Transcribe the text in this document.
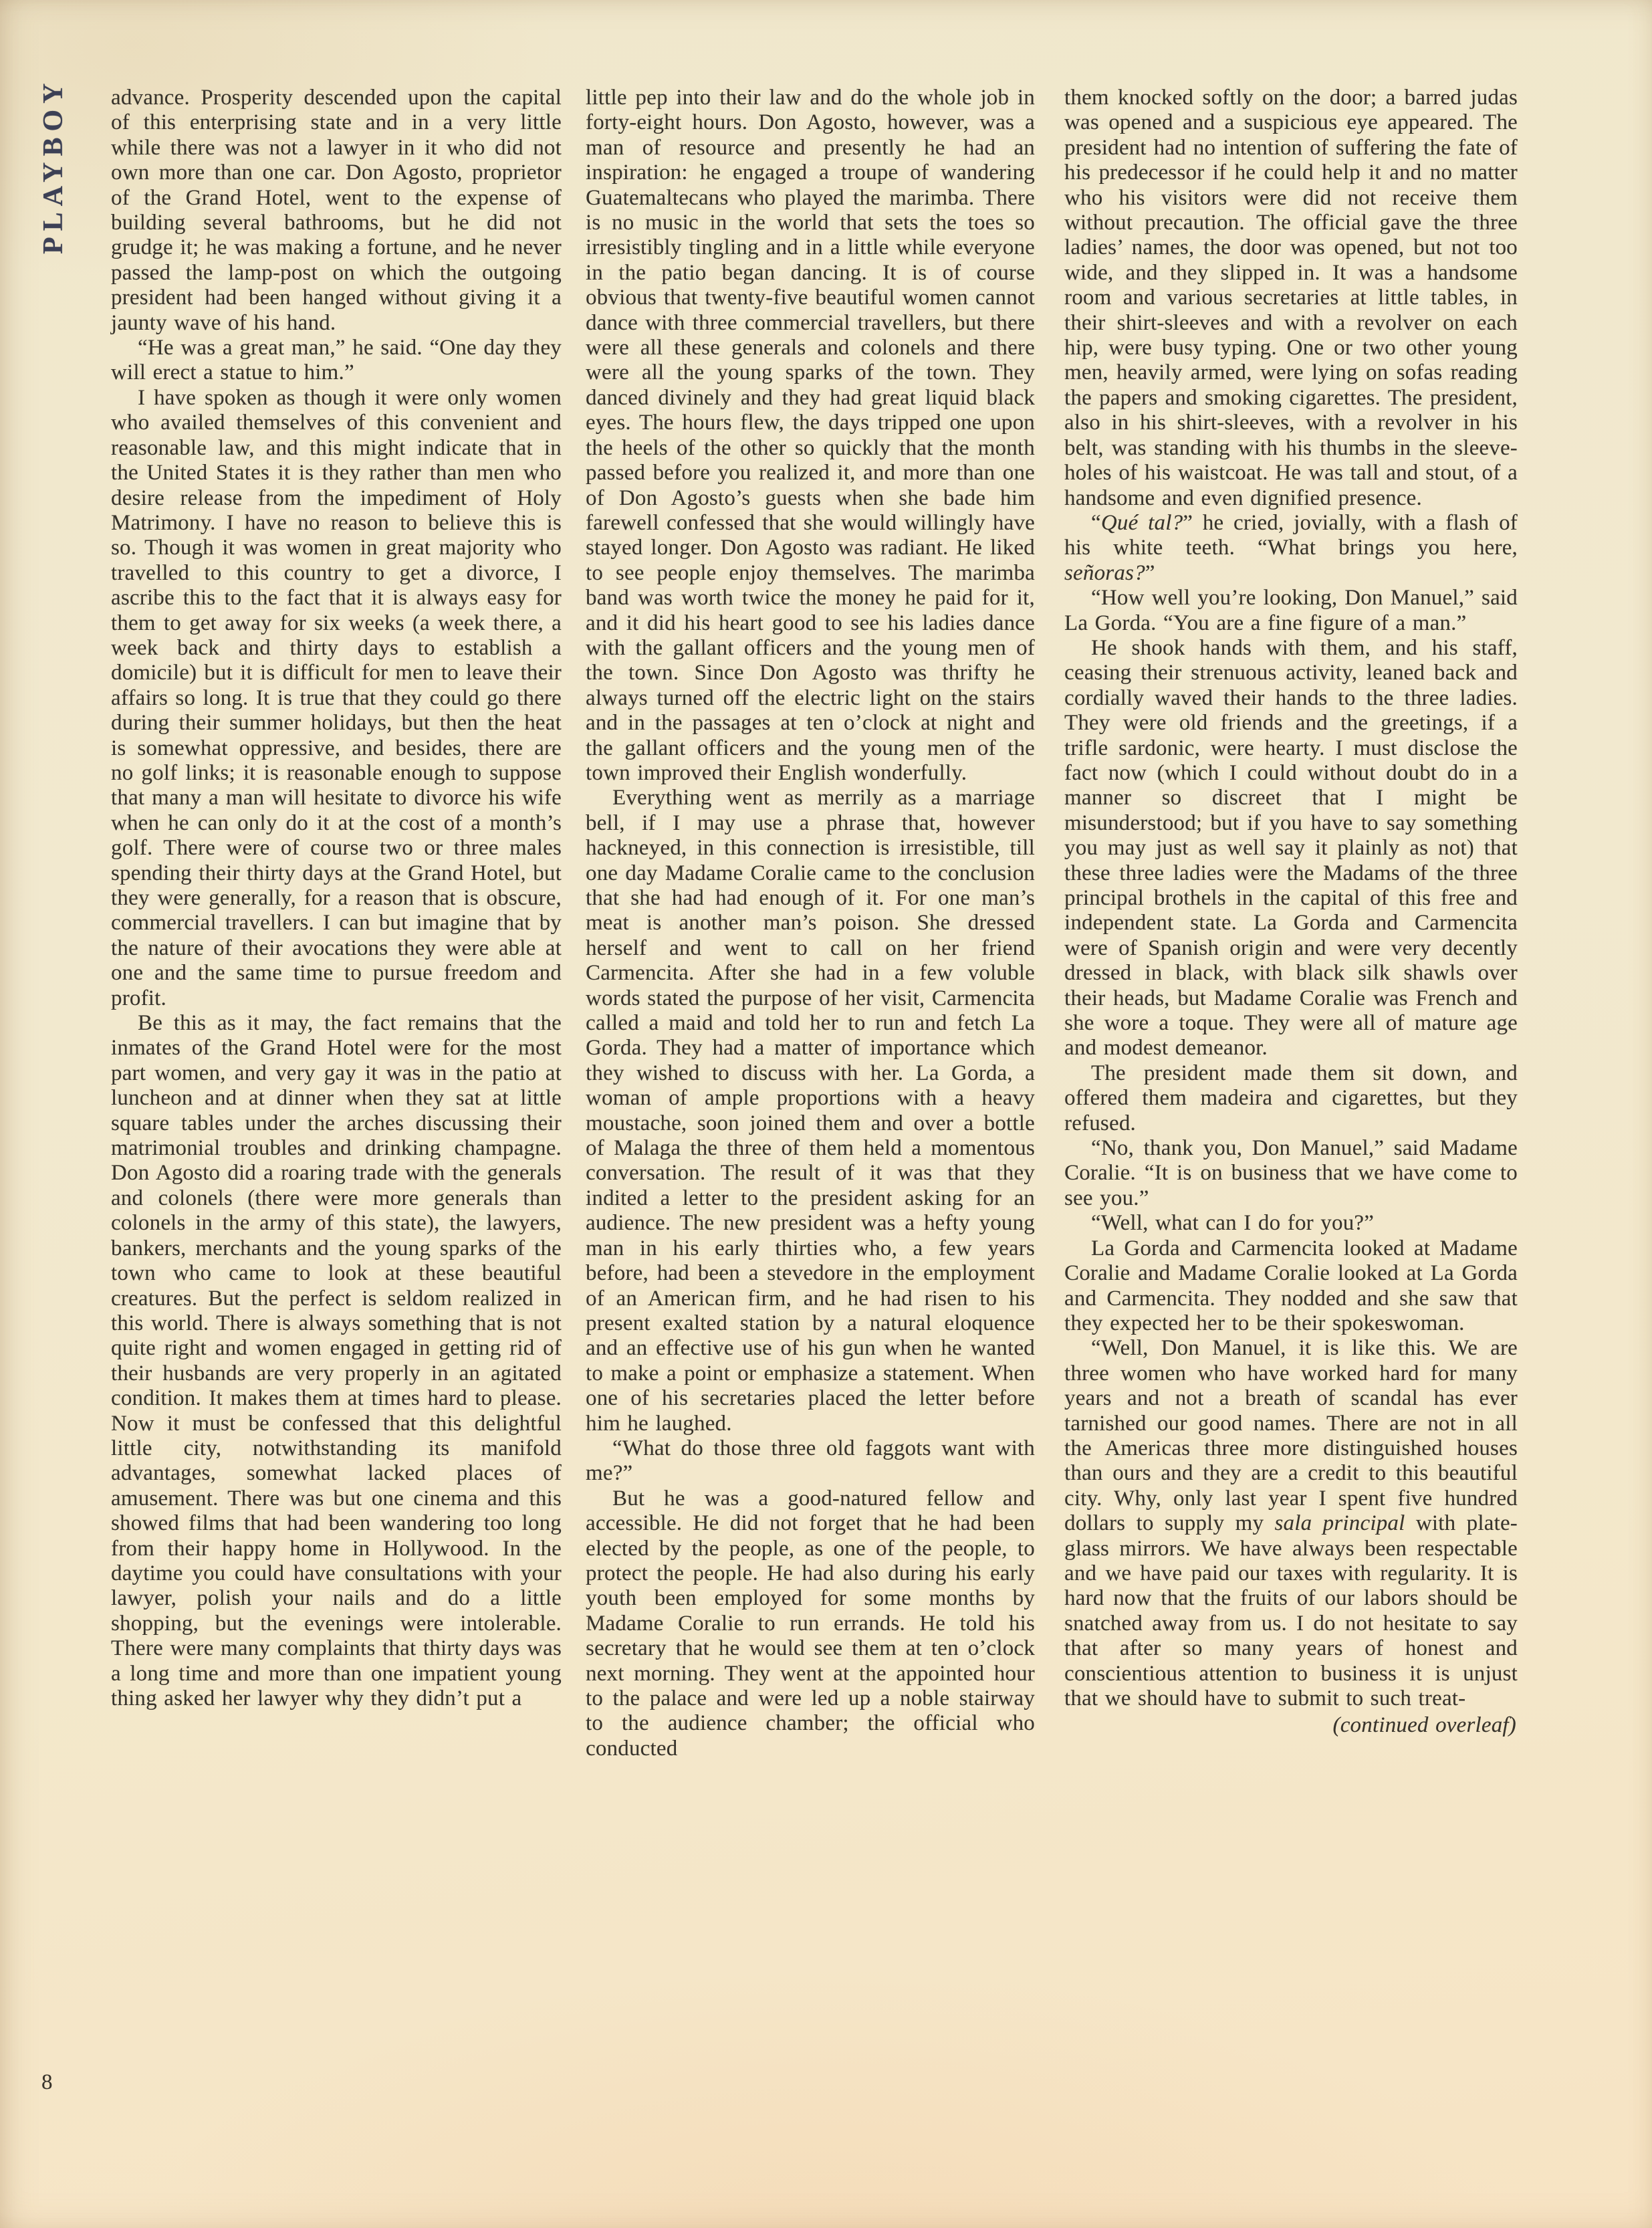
PLAYBOY advance. Prosperity descended upon the capital of this enterprising state and in a very little while there was not a lawyer in it who did not own more than one car. Don Agosto, proprietor of the Grand Hotel, went to the expense of building several bathrooms, but he did not grudge it; he was making a fortune, and he never passed the lamp-post on which the outgoing president had been hanged without giving it a jaunty wave of his hand.

“He was a great man,” he said. “One day they will erect a statue to him.”

I have spoken as though it were only women who availed themselves of this convenient and reasonable law, and this might indicate that in the United States it is they rather than men who desire release from the impediment of Holy Matrimony. I have no reason to believe this is so. Though it was women in great majority who travelled to this country to get a divorce, I ascribe this to the fact that it is always easy for them to get away for six weeks (a week there, a week back and thirty days to establish a domicile) but it is difficult for men to leave their affairs so long. It is true that they could go there during their summer holidays, but then the heat is somewhat oppressive, and besides, there are no golf links; it is reasonable enough to suppose that many a man will hesitate to divorce his wife when he can only do it at the cost of a month’s golf. There were of course two or three males spending their thirty days at the Grand Hotel, but they were generally, for a reason that is obscure, commercial travellers. I can but imagine that by the nature of their avocations they were able at one and the same time to pursue freedom and profit.

Be this as it may, the fact remains that the inmates of the Grand Hotel were for the most part women, and very gay it was in the patio at luncheon and at dinner when they sat at little square tables under the arches discussing their matrimonial troubles and drinking champagne. Don Agosto did a roaring trade with the generals and colonels (there were more generals than colonels in the army of this state), the lawyers, bankers, merchants and the young sparks of the town who came to look at these beautiful creatures. But the perfect is seldom realized in this world. There is always something that is not quite right and women engaged in getting rid of their husbands are very properly in an agitated condition. It makes them at times hard to please. Now it must be confessed that this delightful little city, notwithstanding its manifold advantages, somewhat lacked places of amusement. There was but one cinema and this showed films that had been wandering too long from their happy home in Hollywood. In the daytime you could have consultations with your lawyer, polish your nails and do a little shopping, but the evenings were intolerable. There were many complaints that thirty days was a long time and more than one impatient young thing asked her lawyer why they didn’t put a

little pep into their law and do the whole job in forty-eight hours. Don Agosto, however, was a man of resource and presently he had an inspiration: he engaged a troupe of wandering Guatemaltecans who played the marimba. There is no music in the world that sets the toes so irresistibly tingling and in a little while everyone in the patio began dancing. It is of course obvious that twenty-five beautiful women cannot dance with three commercial travellers, but there were all these generals and colonels and there were all the young sparks of the town. They danced divinely and they had great liquid black eyes. The hours flew, the days tripped one upon the heels of the other so quickly that the month passed before you realized it, and more than one of Don Agosto’s guests when she bade him farewell confessed that she would willingly have stayed longer. Don Agosto was radiant. He liked to see people enjoy themselves. The marimba band was worth twice the money he paid for it, and it did his heart good to see his ladies dance with the gallant officers and the young men of the town. Since Don Agosto was thrifty he always turned off the electric light on the stairs and in the passages at ten o’clock at night and the gallant officers and the young men of the town improved their English wonderfully.

Everything went as merrily as a marriage bell, if I may use a phrase that, however hackneyed, in this connection is irresistible, till one day Madame Coralie came to the conclusion that she had had enough of it. For one man’s meat is another man’s poison. She dressed herself and went to call on her friend Carmencita. After she had in a few voluble words stated the purpose of her visit, Carmencita called a maid and told her to run and fetch La Gorda. They had a matter of importance which they wished to discuss with her. La Gorda, a woman of ample proportions with a heavy moustache, soon joined them and over a bottle of Malaga the three of them held a momentous conversation. The result of it was that they indited a letter to the president asking for an audience. The new president was a hefty young man in his early thirties who, a few years before, had been a stevedore in the employment of an American firm, and he had risen to his present exalted station by a natural eloquence and an effective use of his gun when he wanted to make a point or emphasize a statement. When one of his secretaries placed the letter before him he laughed.

“What do those three old faggots want with me?”

But he was a good-natured fellow and accessible. He did not forget that he had been elected by the people, as one of the people, to protect the people. He had also during his early youth been employed for some months by Madame Coralie to run errands. He told his secretary that he would see them at ten o’clock next morning. They went at the appointed hour to the palace and were led up a noble stairway to the audience chamber; the official who conducted

them knocked softly on the door; a barred judas was opened and a suspicious eye appeared. The president had no intention of suffering the fate of his predecessor if he could help it and no matter who his visitors were did not receive them without precaution. The official gave the three ladies’ names, the door was opened, but not too wide, and they slipped in. It was a handsome room and various secretaries at little tables, in their shirt-sleeves and with a revolver on each hip, were busy typing. One or two other young men, heavily armed, were lying on sofas reading the papers and smoking cigarettes. The president, also in his shirt-sleeves, with a revolver in his belt, was standing with his thumbs in the sleeve-holes of his waistcoat. He was tall and stout, of a handsome and even dignified presence.

“Qué tal?” he cried, jovially, with a flash of his white teeth. “What brings you here, señoras?”

“How well you’re looking, Don Manuel,” said La Gorda. “You are a fine figure of a man.”

He shook hands with them, and his staff, ceasing their strenuous activity, leaned back and cordially waved their hands to the three ladies. They were old friends and the greetings, if a trifle sardonic, were hearty. I must disclose the fact now (which I could without doubt do in a manner so discreet that I might be misunderstood; but if you have to say something you may just as well say it plainly as not) that these three ladies were the Madams of the three principal brothels in the capital of this free and independent state. La Gorda and Carmencita were of Spanish origin and were very decently dressed in black, with black silk shawls over their heads, but Madame Coralie was French and she wore a toque. They were all of mature age and modest demeanor.

The president made them sit down, and offered them madeira and cigarettes, but they refused.

“No, thank you, Don Manuel,” said Madame Coralie. “It is on business that we have come to see you.”

“Well, what can I do for you?”

La Gorda and Carmencita looked at Madame Coralie and Madame Coralie looked at La Gorda and Carmencita. They nodded and she saw that they expected her to be their spokeswoman.

“Well, Don Manuel, it is like this. We are three women who have worked hard for many years and not a breath of scandal has ever tarnished our good names. There are not in all the Americas three more distinguished houses than ours and they are a credit to this beautiful city. Why, only last year I spent five hundred dollars to supply my sala principal with plate-glass mirrors. We have always been respectable and we have paid our taxes with regularity. It is hard now that the fruits of our labors should be snatched away from us. I do not hesitate to say that after so many years of honest and conscientious attention to business it is unjust that we should have to submit to such treat-

(continued overleaf)
8
